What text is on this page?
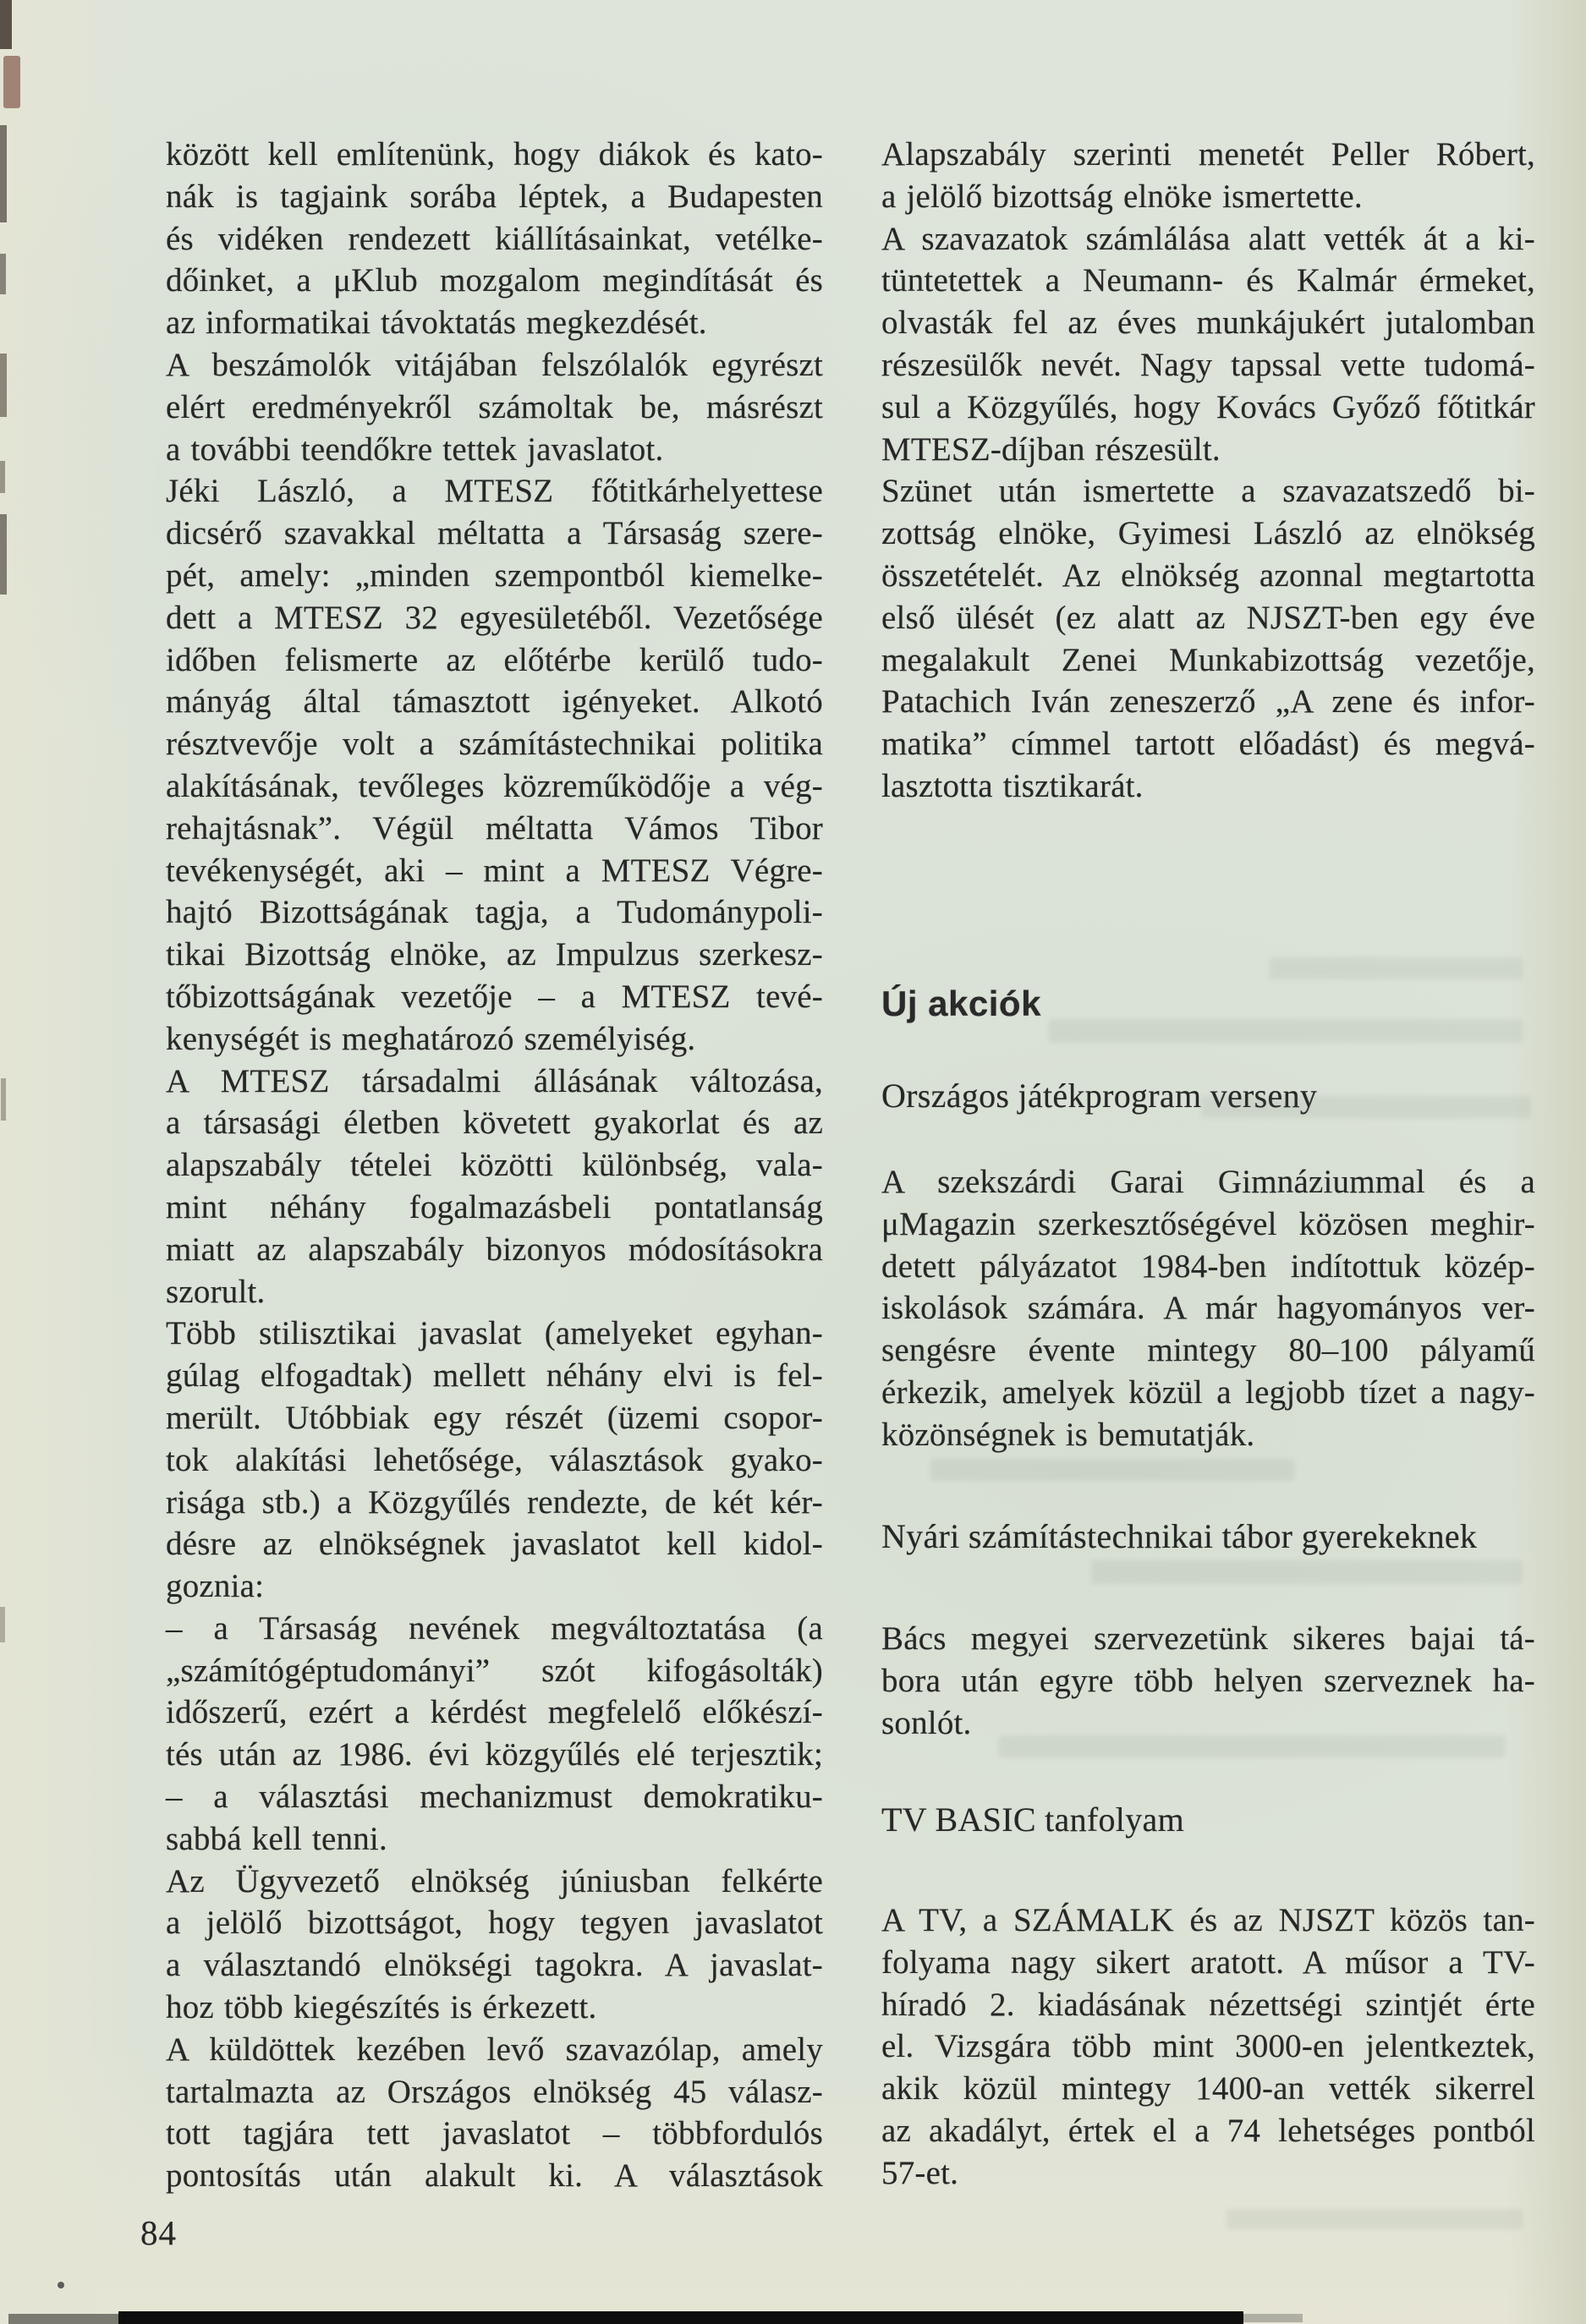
között kell említenünk, hogy diákok és kato-
nák is tagjaink sorába léptek, a Budapesten
és vidéken rendezett kiállításainkat, vetélke-
dőinket, a μKlub mozgalom megindítását és
az informatikai távoktatás megkezdését.
A beszámolók vitájában felszólalók egyrészt
elért eredményekről számoltak be, másrészt
a további teendőkre tettek javaslatot.
Jéki László, a MTESZ főtitkárhelyettese
dicsérő szavakkal méltatta a Társaság szere-
pét, amely: „minden szempontból kiemelke-
dett a MTESZ 32 egyesületéből. Vezetősége
időben felismerte az előtérbe kerülő tudo-
mányág által támasztott igényeket. Alkotó
résztvevője volt a számítástechnikai politika
alakításának, tevőleges közreműködője a vég-
rehajtásnak”. Végül méltatta Vámos Tibor
tevékenységét, aki – mint a MTESZ Végre-
hajtó Bizottságának tagja, a Tudománypoli-
tikai Bizottság elnöke, az Impulzus szerkesz-
tőbizottságának vezetője – a MTESZ tevé-
kenységét is meghatározó személyiség.
A MTESZ társadalmi állásának változása,
a társasági életben követett gyakorlat és az
alapszabály tételei közötti különbség, vala-
mint néhány fogalmazásbeli pontatlanság
miatt az alapszabály bizonyos módosításokra
szorult.
Több stilisztikai javaslat (amelyeket egyhan-
gúlag elfogadtak) mellett néhány elvi is fel-
merült. Utóbbiak egy részét (üzemi csopor-
tok alakítási lehetősége, választások gyako-
risága stb.) a Közgyűlés rendezte, de két kér-
désre az elnökségnek javaslatot kell kidol-
goznia:
– a Társaság nevének megváltoztatása (a
„számítógéptudományi” szót kifogásolták)
időszerű, ezért a kérdést megfelelő előkészí-
tés után az 1986. évi közgyűlés elé terjesztik;
– a választási mechanizmust demokratiku-
sabbá kell tenni.
Az Ügyvezető elnökség júniusban felkérte
a jelölő bizottságot, hogy tegyen javaslatot
a választandó elnökségi tagokra. A javaslat-
hoz több kiegészítés is érkezett.
A küldöttek kezében levő szavazólap, amely
tartalmazta az Országos elnökség 45 válasz-
tott tagjára tett javaslatot – többfordulós
pontosítás után alakult ki. A választások
Alapszabály szerinti menetét Peller Róbert,
a jelölő bizottság elnöke ismertette.
A szavazatok számlálása alatt vették át a ki-
tüntetettek a Neumann- és Kalmár érmeket,
olvasták fel az éves munkájukért jutalomban
részesülők nevét. Nagy tapssal vette tudomá-
sul a Közgyűlés, hogy Kovács Győző főtitkár
MTESZ-díjban részesült.
Szünet után ismertette a szavazatszedő bi-
zottság elnöke, Gyimesi László az elnökség
összetételét. Az elnökség azonnal megtartotta
első ülését (ez alatt az NJSZT-ben egy éve
megalakult Zenei Munkabizottság vezetője,
Patachich Iván zeneszerző „A zene és infor-
matika” címmel tartott előadást) és megvá-
lasztotta tisztikarát.
Új akciók
Országos játékprogram verseny
A szekszárdi Garai Gimnáziummal és a
μMagazin szerkesztőségével közösen meghir-
detett pályázatot 1984-ben indítottuk közép-
iskolások számára. A már hagyományos ver-
sengésre évente mintegy 80–100 pályamű
érkezik, amelyek közül a legjobb tízet a nagy-
közönségnek is bemutatják.
Nyári számítástechnikai tábor gyerekeknek
Bács megyei szervezetünk sikeres bajai tá-
bora után egyre több helyen szerveznek ha-
sonlót.
TV BASIC tanfolyam
A TV, a SZÁMALK és az NJSZT közös tan-
folyama nagy sikert aratott. A műsor a TV-
híradó 2. kiadásának nézettségi szintjét érte
el. Vizsgára több mint 3000-en jelentkeztek,
akik közül mintegy 1400-an vették sikerrel
az akadályt, értek el a 74 lehetséges pontból
57-et.
84
